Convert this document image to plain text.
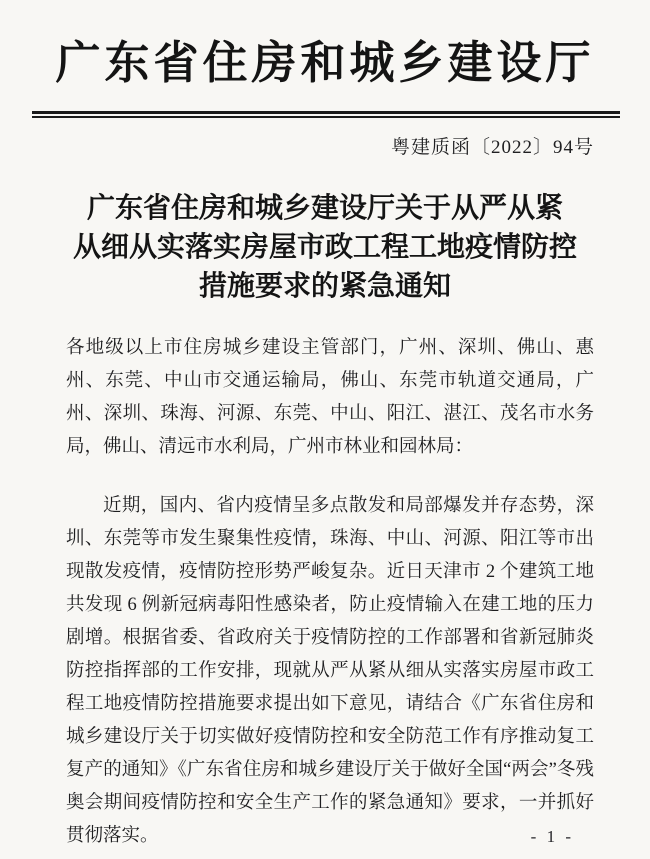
广东省住房和城乡建设厅
粤建质函〔2022〕94号
广东省住房和城乡建设厅关于从严从紧
从细从实落实房屋市政工程工地疫情防控
措施要求的紧急通知

各地级以上市住房城乡建设主管部门，广州、深圳、佛山、惠州、东莞、中山市交通运输局，佛山、东莞市轨道交通局，广州、深圳、珠海、河源、东莞、中山、阳江、湛江、茂名市水务局，佛山、清远市水利局，广州市林业和园林局：

近期，国内、省内疫情呈多点散发和局部爆发并存态势，深圳、东莞等市发生聚集性疫情，珠海、中山、河源、阳江等市出现散发疫情，疫情防控形势严峻复杂。近日天津市 2 个建筑工地共发现 6 例新冠病毒阳性感染者，防止疫情输入在建工地的压力剧增。根据省委、省政府关于疫情防控的工作部署和省新冠肺炎防控指挥部的工作安排，现就从严从紧从细从实落实房屋市政工程工地疫情防控措施要求提出如下意见，请结合《广东省住房和城乡建设厅关于切实做好疫情防控和安全防范工作有序推动复工复产的通知》《广东省住房和城乡建设厅关于做好全国“两会”冬残奥会期间疫情防控和安全生产工作的紧急通知》要求，一并抓好贯彻落实。	- 1 -
